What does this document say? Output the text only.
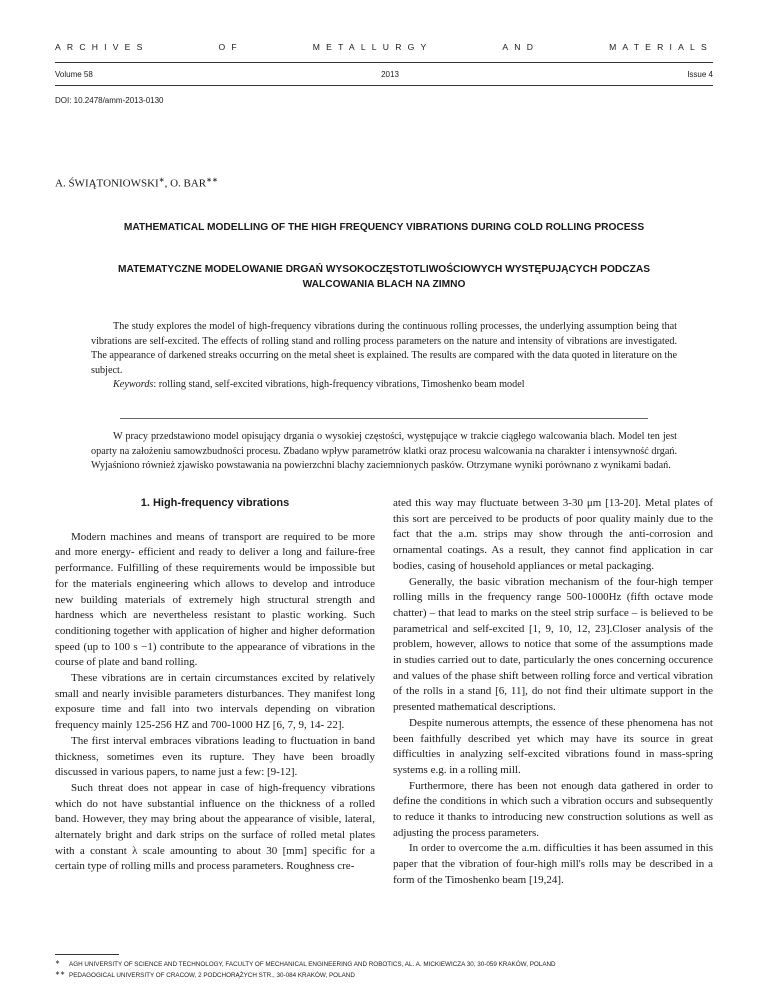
ARCHIVES	OF	METALLURGY	AND	MATERIALS
Volume 58	2013	Issue 4
DOI: 10.2478/amm-2013-0130
A. ŚWIĄTONIOWSKI∗, O. BAR∗∗
MATHEMATICAL MODELLING OF THE HIGH FREQUENCY VIBRATIONS DURING COLD ROLLING PROCESS
MATEMATYCZNE MODELOWANIE DRGAŃ WYSOKOCZĘSTOTLIWOŚCIOWYCH WYSTĘPUJĄCYCH PODCZAS
WALCOWANIA BLACH NA ZIMNO

The study explores the model of high-frequency vibrations during the continuous rolling processes, the underlying assumption being that vibrations are self-excited. The effects of rolling stand and rolling process parameters on the nature and intensity of vibrations are investigated. The appearance of darkened streaks occurring on the metal sheet is explained. The results are compared with the data quoted in literature on the subject.

Keywords: rolling stand, self-excited vibrations, high-frequency vibrations, Timoshenko beam model

W pracy przedstawiono model opisujący drgania o wysokiej częstości, występujące w trakcie ciągłego walcowania blach. Model ten jest oparty na założeniu samowzbudności procesu. Zbadano wpływ parametrów klatki oraz procesu walcowania na charakter i intensywność drgań. Wyjaśniono również zjawisko powstawania na powierzchni blachy zaciemnionych pasków. Otrzymane wyniki porównano z wynikami badań.

1. High-frequency vibrations

Modern machines and means of transport are required to be more and more energy- efficient and ready to deliver a long and failure-free performance. Fulfilling of these requirements would be impossible but for the materials engineering which allows to develop and introduce new building materials of extremely high structural strength and hardness which are nevertheless resistant to plastic working. Such conditioning together with application of higher and higher deformation speed (up to 100 s −1) contribute to the appearance of vibrations in the course of plate and band rolling.

These vibrations are in certain circumstances excited by relatively small and nearly invisible parameters disturbances. They manifest long exposure time and fall into two intervals depending on vibration frequency mainly 125-256 HZ and 700-1000 HZ [6, 7, 9, 14- 22].

The first interval embraces vibrations leading to fluctuation in band thickness, sometimes even its rupture. They have been broadly discussed in various papers, to name just a few: [9-12].

Such threat does not appear in case of high-frequency vibrations which do not have substantial influence on the thickness of a rolled band. However, they may bring about the appearance of visible, lateral, alternately bright and dark strips on the surface of rolled metal plates with a constant λ scale amounting to about 30 [mm] specific for a certain type of rolling mills and process parameters. Roughness cre-

ated this way may fluctuate between 3-30 μm [13-20]. Metal plates of this sort are perceived to be products of poor quality mainly due to the fact that the a.m. strips may show through the anti-corrosion and ornamental coatings. As a result, they cannot find application in car bodies, casing of household appliances or metal packaging.

Generally, the basic vibration mechanism of the four-high temper rolling mills in the frequency range 500-1000Hz (fifth octave mode chatter) – that lead to marks on the steel strip surface – is believed to be parametrical and self-excited [1, 9, 10, 12, 23].Closer analysis of the problem, however, allows to notice that some of the assumptions made in studies carried out to date, particularly the ones concerning occurence and values of the phase shift between rolling force and vertical vibration of the rolls in a stand [6, 11], do not find their ultimate support in the presented mathematical descriptions.

Despite numerous attempts, the essence of these phenomena has not been faithfully described yet which may have its source in great difficulties in analyzing self-excited vibrations found in mass-spring systems e.g. in a rolling mill.

Furthermore, there has been not enough data gathered in order to define the conditions in which such a vibration occurs and subsequently to reduce it thanks to introducing new construction solutions as well as adjusting the process parameters.

In order to overcome the a.m. difficulties it has been assumed in this paper that the vibration of four-high mill's rolls may be described in a form of the Timoshenko beam [19,24].

∗ AGH UNIVERSITY OF SCIENCE AND TECHNOLOGY, FACULTY OF MECHANICAL ENGINEERING AND ROBOTICS, AL. A. MICKIEWICZA 30, 30-059 KRAKÓW, POLAND
∗∗ PEDAGOGICAL UNIVERSITY OF CRACOW, 2 PODCHORĄŻYCH STR., 30-084 KRAKÓW, POLAND
